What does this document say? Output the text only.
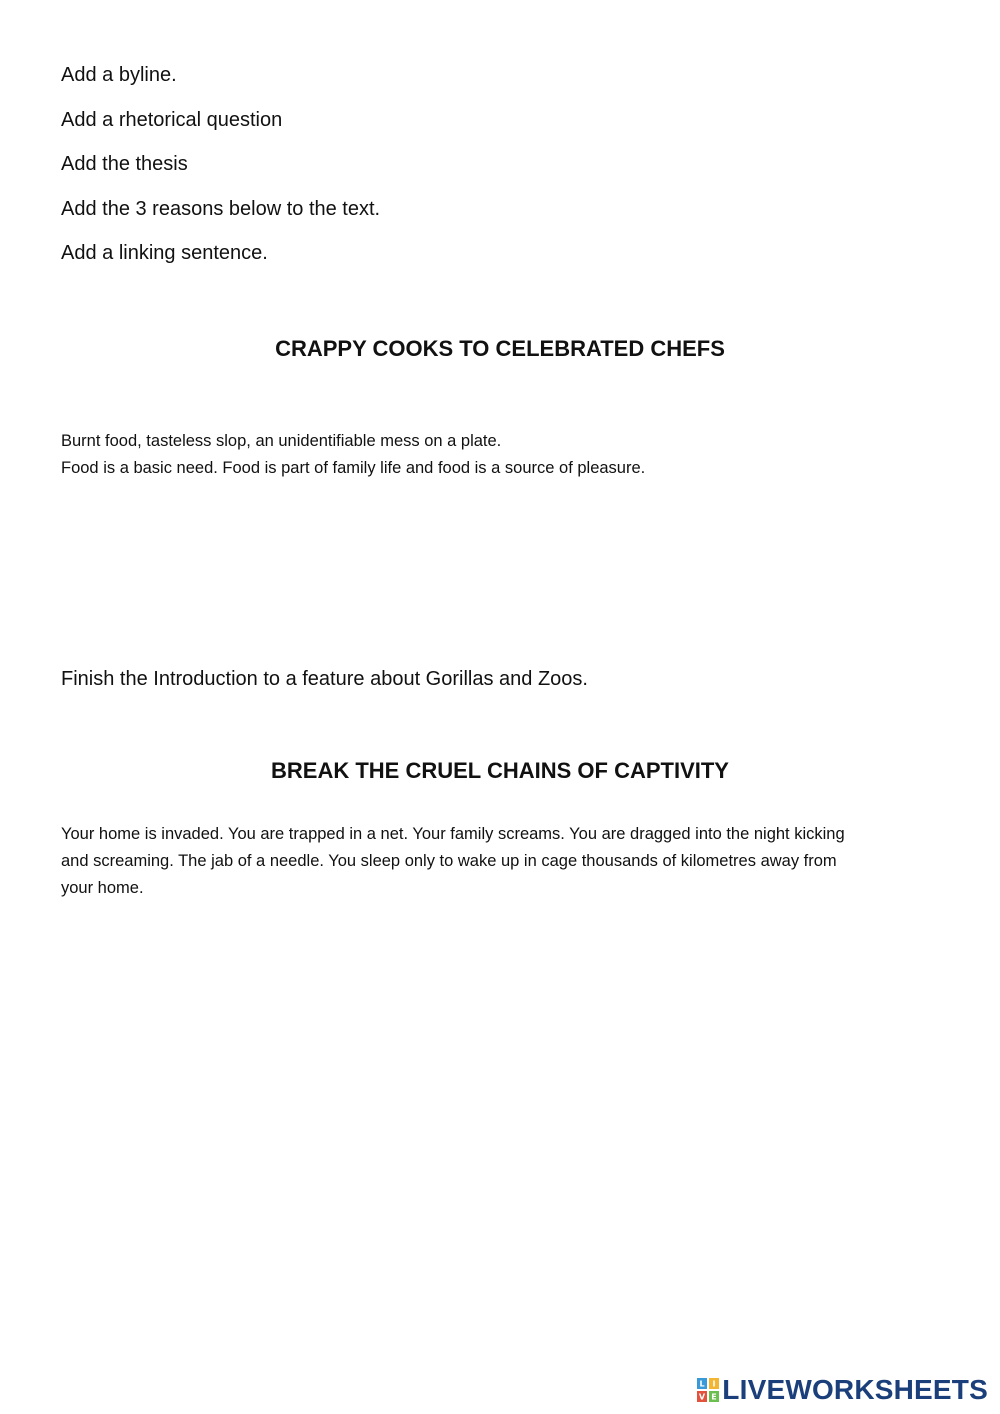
Add a byline.
Add a rhetorical question
Add the thesis
Add the 3 reasons below to the text.
Add a linking sentence.
CRAPPY COOKS TO CELEBRATED CHEFS
Burnt food, tasteless slop, an unidentifiable mess on a plate.
Food is a basic need. Food is part of family life and food is a source of pleasure.
Finish the Introduction to a feature about Gorillas and Zoos.
BREAK THE CRUEL CHAINS OF CAPTIVITY
Your home is invaded. You are trapped in a net. Your family screams. You are dragged into the night kicking
and screaming. The jab of a needle. You sleep only to wake up in cage thousands of kilometres away from
your home.
L I
V E LIVEWORKSHEETS
